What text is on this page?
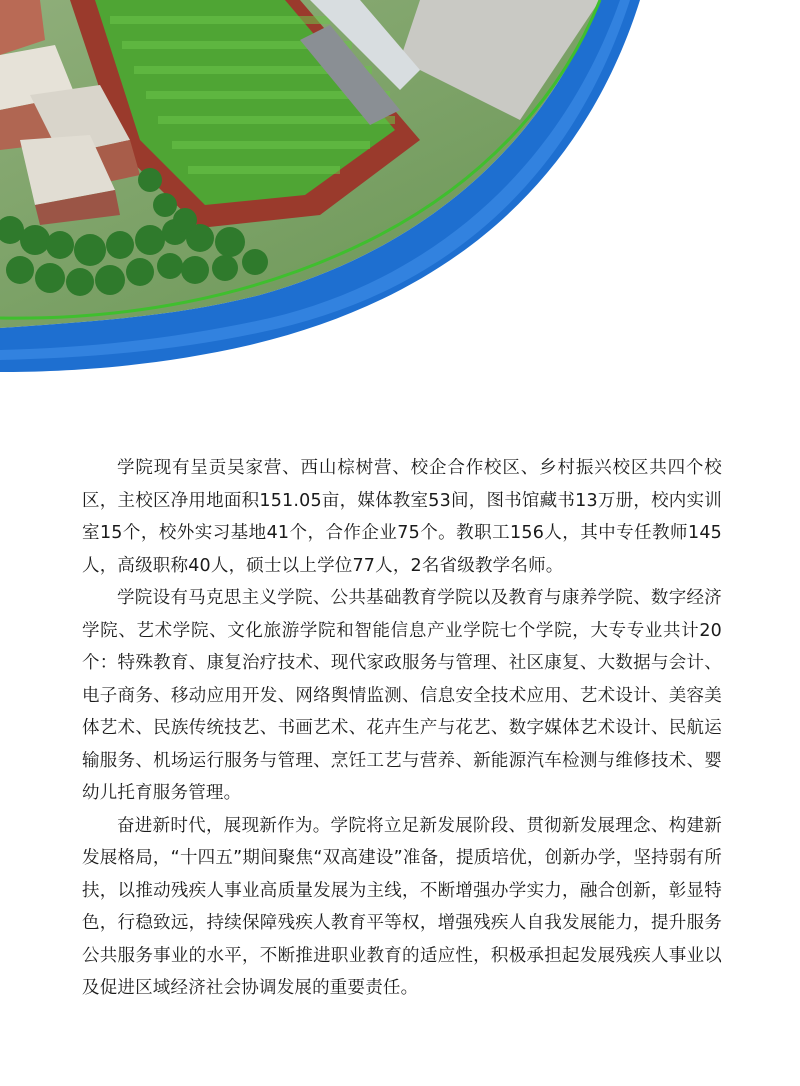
学院现有呈贡吴家营、西山棕树营、校企合作校区、乡村振兴校区共四个校区，主校区净用地面积151.05亩，媒体教室53间，图书馆藏书13万册，校内实训室15个，校外实习基地41个，合作企业75个。教职工156人，其中专任教师145人，高级职称40人，硕士以上学位77人，2名省级教学名师。

学院设有马克思主义学院、公共基础教育学院以及教育与康养学院、数字经济学院、艺术学院、文化旅游学院和智能信息产业学院七个学院，大专专业共计20个：特殊教育、康复治疗技术、现代家政服务与管理、社区康复、大数据与会计、电子商务、移动应用开发、网络舆情监测、信息安全技术应用、艺术设计、美容美体艺术、民族传统技艺、书画艺术、花卉生产与花艺、数字媒体艺术设计、民航运输服务、机场运行服务与管理、烹饪工艺与营养、新能源汽车检测与维修技术、婴幼儿托育服务管理。

奋进新时代，展现新作为。学院将立足新发展阶段、贯彻新发展理念、构建新发展格局，“十四五”期间聚焦“双高建设”准备，提质培优，创新办学，坚持弱有所扶，以推动残疾人事业高质量发展为主线，不断增强办学实力，融合创新，彰显特色，行稳致远，持续保障残疾人教育平等权，增强残疾人自我发展能力，提升服务公共服务事业的水平，不断推进职业教育的适应性，积极承担起发展残疾人事业以及促进区域经济社会协调发展的重要责任。
